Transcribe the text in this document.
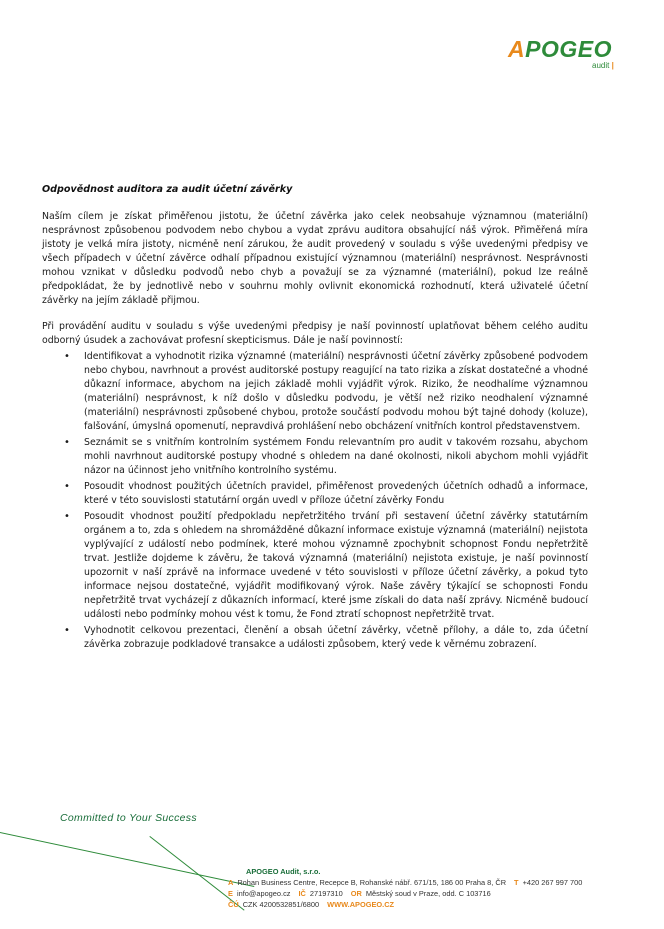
APOGEO
audit |
Odpovědnost auditora za audit účetní závěrky

Naším cílem je získat přiměřenou jistotu, že účetní závěrka jako celek neobsahuje významnou (materiální) nesprávnost způsobenou podvodem nebo chybou a vydat zprávu auditora obsahující náš výrok. Přiměřená míra jistoty je velká míra jistoty, nicméně není zárukou, že audit provedený v souladu s výše uvedenými předpisy ve všech případech v účetní závěrce odhalí případnou existující významnou (materiální) nesprávnost. Nesprávnosti mohou vznikat v důsledku podvodů nebo chyb a považují se za významné (materiální), pokud lze reálně předpokládat, že by jednotlivě nebo v souhrnu mohly ovlivnit ekonomická rozhodnutí, která uživatelé účetní závěrky na jejím základě přijmou.

Při provádění auditu v souladu s výše uvedenými předpisy je naší povinností uplatňovat během celého auditu odborný úsudek a zachovávat profesní skepticismus. Dále je naší povinností:

• Identifikovat a vyhodnotit rizika významné (materiální) nesprávnosti účetní závěrky způsobené podvodem nebo chybou, navrhnout a provést auditorské postupy reagující na tato rizika a získat dostatečné a vhodné důkazní informace, abychom na jejich základě mohli vyjádřit výrok. Riziko, že neodhalíme významnou (materiální) nesprávnost, k níž došlo v důsledku podvodu, je větší než riziko neodhalení významné (materiální) nesprávnosti způsobené chybou, protože součástí podvodu mohou být tajné dohody (koluze), falšování, úmyslná opomenutí, nepravdivá prohlášení nebo obcházení vnitřních kontrol představenstvem.
• Seznámit se s vnitřním kontrolním systémem Fondu relevantním pro audit v takovém rozsahu, abychom mohli navrhnout auditorské postupy vhodné s ohledem na dané okolnosti, nikoli abychom mohli vyjádřit názor na účinnost jeho vnitřního kontrolního systému.
• Posoudit vhodnost použitých účetních pravidel, přiměřenost provedených účetních odhadů a informace, které v této souvislosti statutární orgán uvedl v příloze účetní závěrky Fondu
• Posoudit vhodnost použití předpokladu nepřetržitého trvání při sestavení účetní závěrky statutárním orgánem a to, zda s ohledem na shromážděné důkazní informace existuje významná (materiální) nejistota vyplývající z událostí nebo podmínek, které mohou významně zpochybnit schopnost Fondu nepřetržitě trvat. Jestliže dojdeme k závěru, že taková významná (materiální) nejistota existuje, je naší povinností upozornit v naší zprávě na informace uvedené v této souvislosti v příloze účetní závěrky, a pokud tyto informace nejsou dostatečné, vyjádřit modifikovaný výrok. Naše závěry týkající se schopnosti Fondu nepřetržitě trvat vycházejí z důkazních informací, které jsme získali do data naší zprávy. Nicméně budoucí události nebo podmínky mohou vést k tomu, že Fond ztratí schopnost nepřetržitě trvat.
• Vyhodnotit celkovou prezentaci, členění a obsah účetní závěrky, včetně přílohy, a dále to, zda účetní závěrka zobrazuje podkladové transakce a události způsobem, který vede k věrnému zobrazení.

Committed to Your Success

APOGEO Audit, s.r.o.
A Rohan Business Centre, Recepce B, Rohanské nábř. 671/15, 186 00 Praha 8, ČR T +420 267 997 700
E info@apogeo.cz IČ 27197310 OR Městský soud v Praze, odd. C 103716
ČÚ CZK 4200532851/6800 WWW.APOGEO.CZ
